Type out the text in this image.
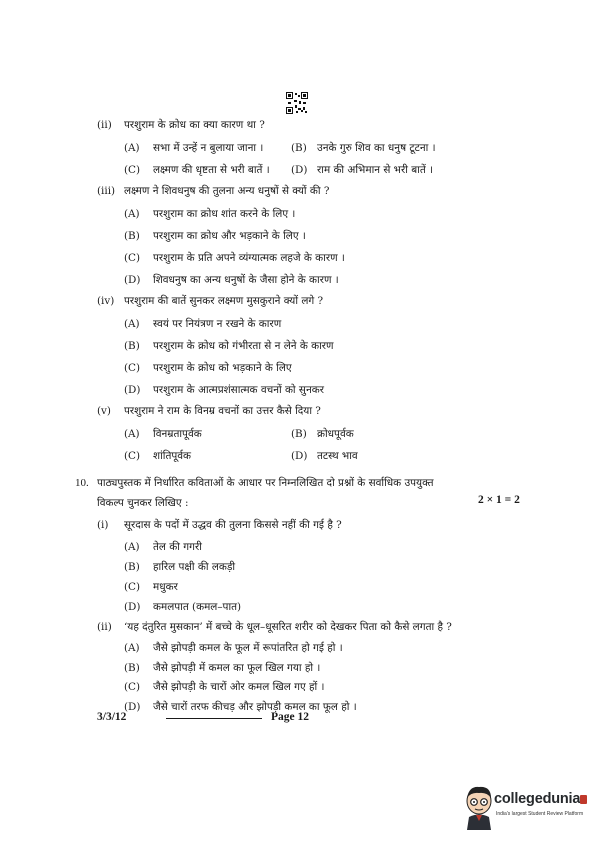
(ii) परशुराम के क्रोध का क्या कारण था ?
(A) सभा में उन्हें न बुलाया जाना ।	(B) उनके गुरु शिव का धनुष टूटना ।
(C) लक्ष्मण की धृष्टता से भरी बातें । (D) राम की अभिमान से भरी बातें ।
(iii) लक्ष्मण ने शिवधनुष की तुलना अन्य धनुषों से क्यों की ?
(A) परशुराम का क्रोध शांत करने के लिए ।
(B) परशुराम का क्रोध और भड़काने के लिए ।
(C) परशुराम के प्रति अपने व्यंग्यात्मक लहजे के कारण ।
(D) शिवधनुष का अन्य धनुषों के जैसा होने के कारण ।
(iv) परशुराम की बातें सुनकर लक्ष्मण मुसकुराने क्यों लगे ?
(A) स्वयं पर नियंत्रण न रखने के कारण
(B) परशुराम के क्रोध को गंभीरता से न लेने के कारण
(C) परशुराम के क्रोध को भड़काने के लिए
(D) परशुराम के आत्मप्रशंसात्मक वचनों को सुनकर
(v) परशुराम ने राम के विनम्र वचनों का उत्तर कैसे दिया ?
(A) विनम्रतापूर्वक	(B) क्रोधपूर्वक
(C) शांतिपूर्वक	(D) तटस्थ भाव
10. पाठ्यपुस्तक में निर्धारित कविताओं के आधार पर निम्नलिखित दो प्रश्नों के सर्वाधिक उपयुक्त
विकल्प चुनकर लिखिए :	2 × 1 = 2
(i) सूरदास के पदों में उद्धव की तुलना किससे नहीं की गई है ?
(A) तेल की गगरी
(B) हारिल पक्षी की लकड़ी
(C) मधुकर
(D) कमलपात (कमल–पात)
(ii) ‘यह दंतुरित मुसकान’ में बच्चे के धूल–धूसरित शरीर को देखकर पिता को कैसे लगता है ?
(A) जैसे झोपड़ी कमल के फूल में रूपांतरित हो गई हो ।
(B) जैसे झोपड़ी में कमल का फूल खिल गया हो ।
(C) जैसे झोपड़ी के चारों ओर कमल खिल गए हों ।
(D) जैसे चारों तरफ कीचड़ और झोपड़ी कमल का फूल हो ।
3/3/12	Page 12
collegedunia
India's largest Student Review Platform
